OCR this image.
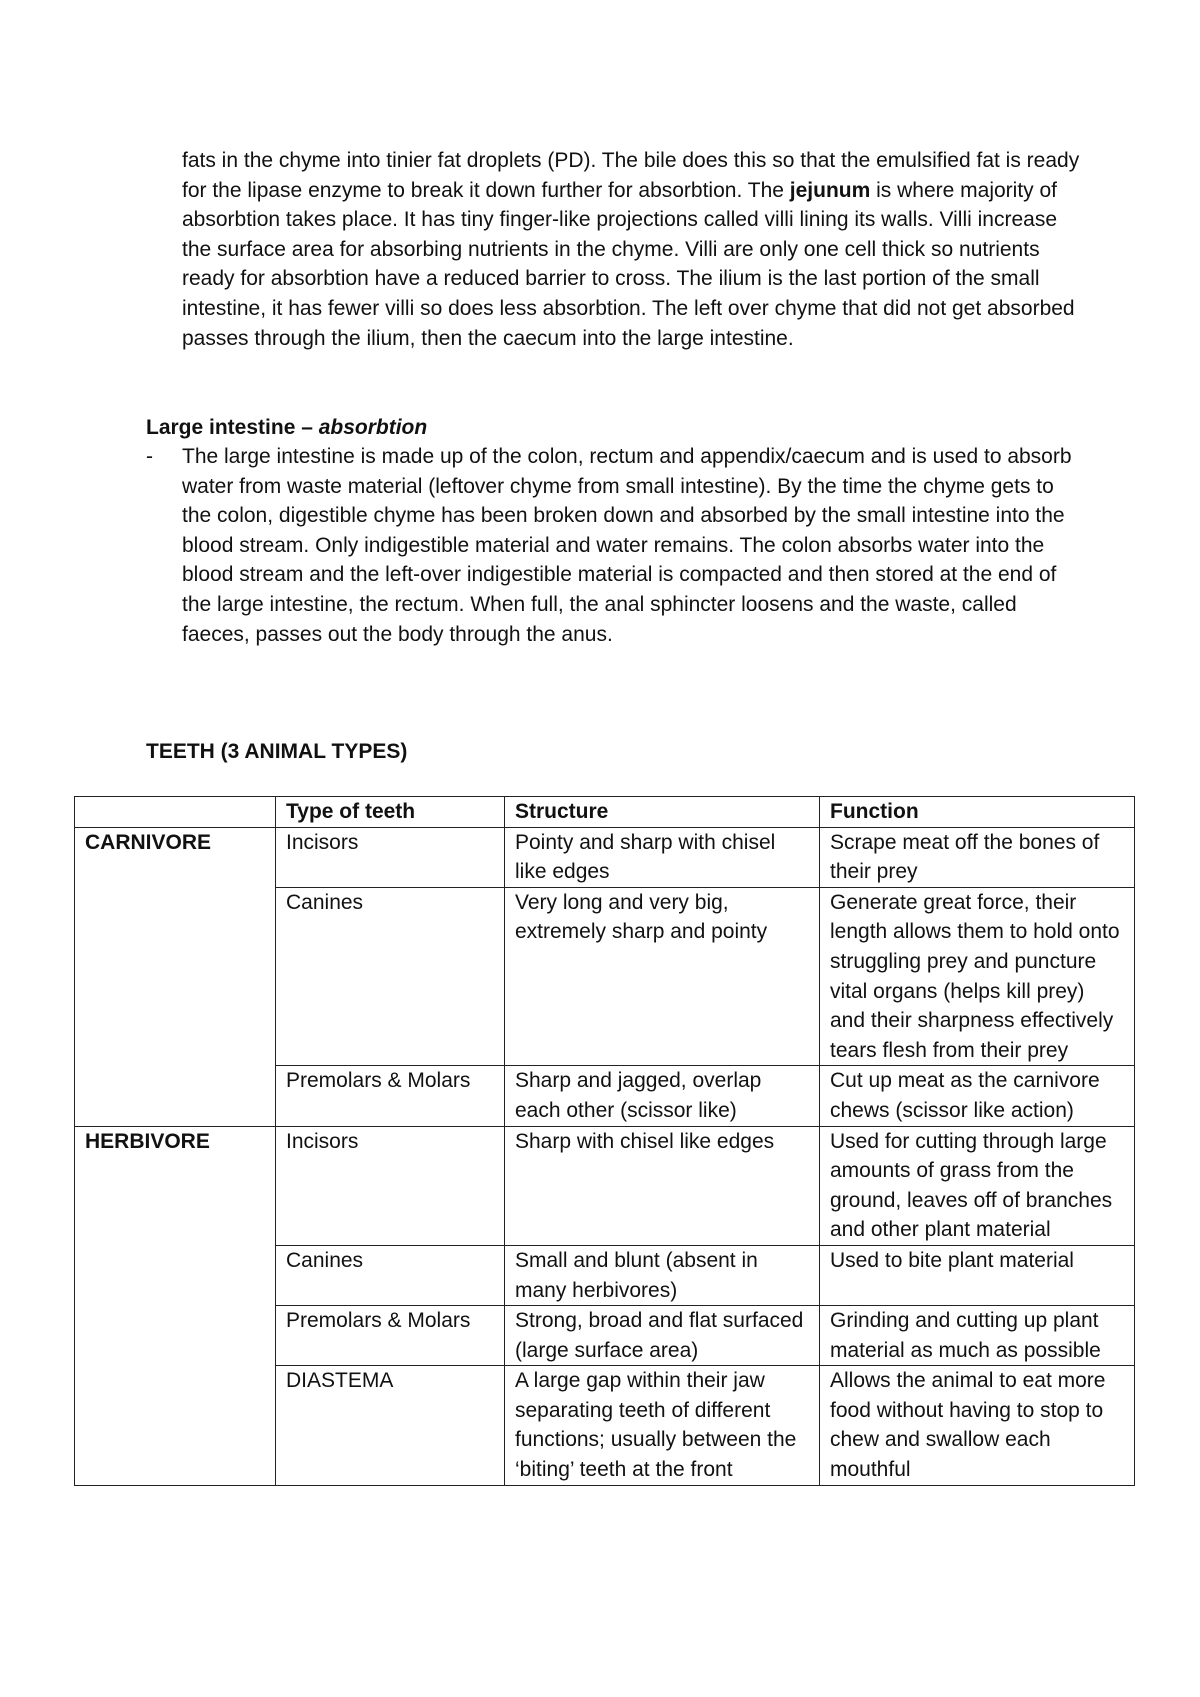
fats in the chyme into tinier fat droplets (PD). The bile does this so that the emulsified fat is ready for the lipase enzyme to break it down further for absorbtion. The jejunum is where majority of absorbtion takes place. It has tiny finger-like projections called villi lining its walls. Villi increase the surface area for absorbing nutrients in the chyme. Villi are only one cell thick so nutrients ready for absorbtion have a reduced barrier to cross. The ilium is the last portion of the small intestine, it has fewer villi so does less absorbtion. The left over chyme that did not get absorbed passes through the ilium, then the caecum into the large intestine.

Large intestine – absorbtion

- The large intestine is made up of the colon, rectum and appendix/caecum and is used to absorb water from waste material (leftover chyme from small intestine). By the time the chyme gets to the colon, digestible chyme has been broken down and absorbed by the small intestine into the blood stream. Only indigestible material and water remains. The colon absorbs water into the blood stream and the left-over indigestible material is compacted and then stored at the end of the large intestine, the rectum. When full, the anal sphincter loosens and the waste, called faeces, passes out the body through the anus.

TEETH (3 ANIMAL TYPES)

	Type of teeth	Structure	Function
CARNIVORE	Incisors	Pointy and sharp with chisel like edges	Scrape meat off the bones of their prey
	Canines	Very long and very big, extremely sharp and pointy	Generate great force, their length allows them to hold onto struggling prey and puncture vital organs (helps kill prey) and their sharpness effectively tears flesh from their prey
	Premolars & Molars	Sharp and jagged, overlap each other (scissor like)	Cut up meat as the carnivore chews (scissor like action)
HERBIVORE	Incisors	Sharp with chisel like edges	Used for cutting through large amounts of grass from the ground, leaves off of branches and other plant material
	Canines	Small and blunt (absent in many herbivores)	Used to bite plant material
	Premolars & Molars	Strong, broad and flat surfaced (large surface area)	Grinding and cutting up plant material as much as possible
	DIASTEMA	A large gap within their jaw separating teeth of different functions; usually between the ‘biting’ teeth at the front	Allows the animal to eat more food without having to stop to chew and swallow each mouthful
